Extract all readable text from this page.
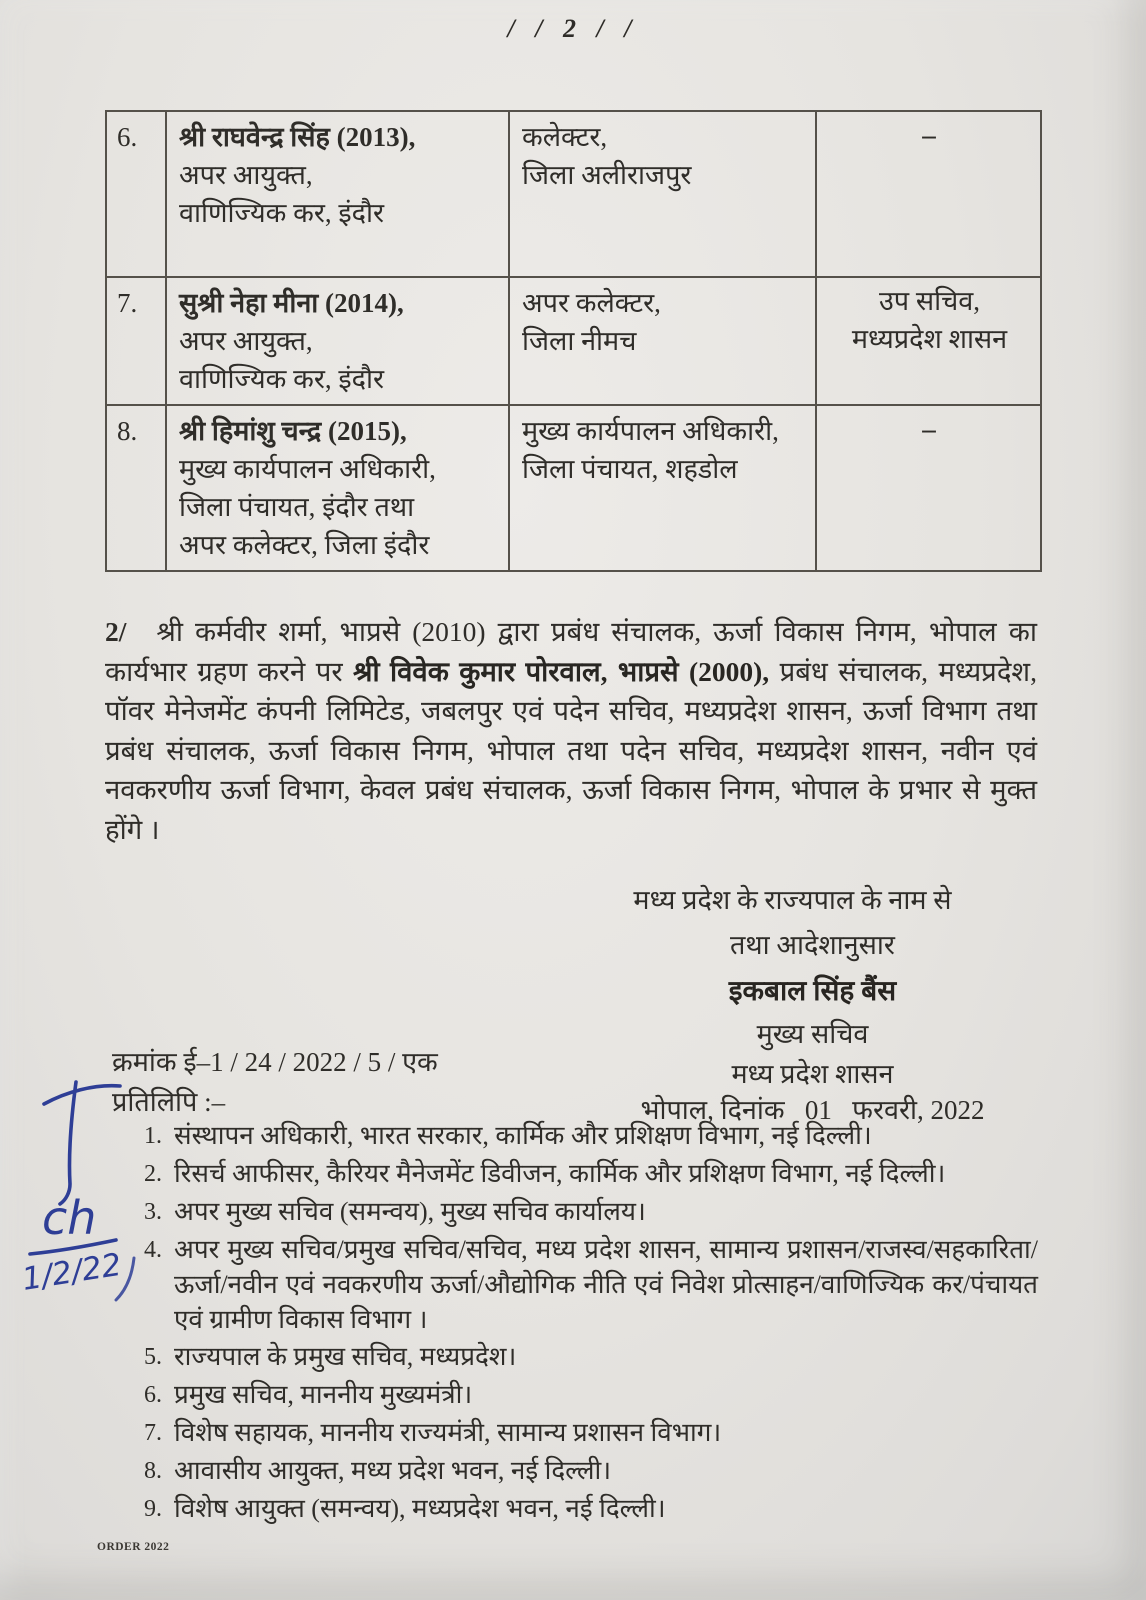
/ / 2 / /
6.	श्री राघवेन्द्र सिंह (2013),
अपर आयुक्त,
वाणिज्यिक कर, इंदौर

कलेक्टर,
जिला अलीराजपुर

–

7.	सुश्री नेहा मीना (2014),
अपर आयुक्त,
वाणिज्यिक कर, इंदौर

अपर कलेक्टर,
जिला नीमच

उप सचिव,
मध्यप्रदेश शासन

8.	श्री हिमांशु चन्द्र (2015),
मुख्य कार्यपालन अधिकारी,
जिला पंचायत, इंदौर तथा
अपर कलेक्टर, जिला इंदौर

मुख्य कार्यपालन अधिकारी,
जिला पंचायत, शहडोल

–
2/ श्री कर्मवीर शर्मा, भाप्रसे (2010) द्वारा प्रबंध संचालक, ऊर्जा विकास निगम, भोपाल का कार्यभार ग्रहण करने पर श्री विवेक कुमार पोरवाल, भाप्रसे (2000), प्रबंध संचालक, मध्यप्रदेश, पॉवर मेनेजमेंट कंपनी लिमिटेड, जबलपुर एवं पदेन सचिव, मध्यप्रदेश शासन, ऊर्जा विभाग तथा प्रबंध संचालक, ऊर्जा विकास निगम, भोपाल तथा पदेन सचिव, मध्यप्रदेश शासन, नवीन एवं नवकरणीय ऊर्जा विभाग, केवल प्रबंध संचालक, ऊर्जा विकास निगम, भोपाल के प्रभार से मुक्त होंगे ।
मध्य प्रदेश के राज्यपाल के नाम से
तथा आदेशानुसार
इकबाल सिंह बैंस
मुख्य सचिव
मध्य प्रदेश शासन
भोपाल, दिनांक   01   फरवरी, 2022
क्रमांक ई–1 / 24 / 2022 / 5 / एक
प्रतिलिपि :–
1. संस्थापन अधिकारी, भारत सरकार, कार्मिक और प्रशिक्षण विभाग, नई दिल्ली।
2. रिसर्च आफीसर, कैरियर मैनेजमेंट डिवीजन, कार्मिक और प्रशिक्षण विभाग, नई दिल्ली।
3. अपर मुख्य सचिव (समन्वय), मुख्य सचिव कार्यालय।
4. अपर मुख्य सचिव/प्रमुख सचिव/सचिव, मध्य प्रदेश शासन, सामान्य प्रशासन/राजस्व/सहकारिता/ऊर्जा/नवीन एवं नवकरणीय ऊर्जा/औद्योगिक नीति एवं निवेश प्रोत्साहन/वाणिज्यिक कर/पंचायत एवं ग्रामीण विकास विभाग ।
5. राज्यपाल के प्रमुख सचिव, मध्यप्रदेश।
6. प्रमुख सचिव, माननीय मुख्यमंत्री।
7. विशेष सहायक, माननीय राज्यमंत्री, सामान्य प्रशासन विभाग।
8. आवासीय आयुक्त, मध्य प्रदेश भवन, नई दिल्ली।
9. विशेष आयुक्त (समन्वय), मध्यप्रदेश भवन, नई दिल्ली।
ch
1/2/22
ORDER 2022
